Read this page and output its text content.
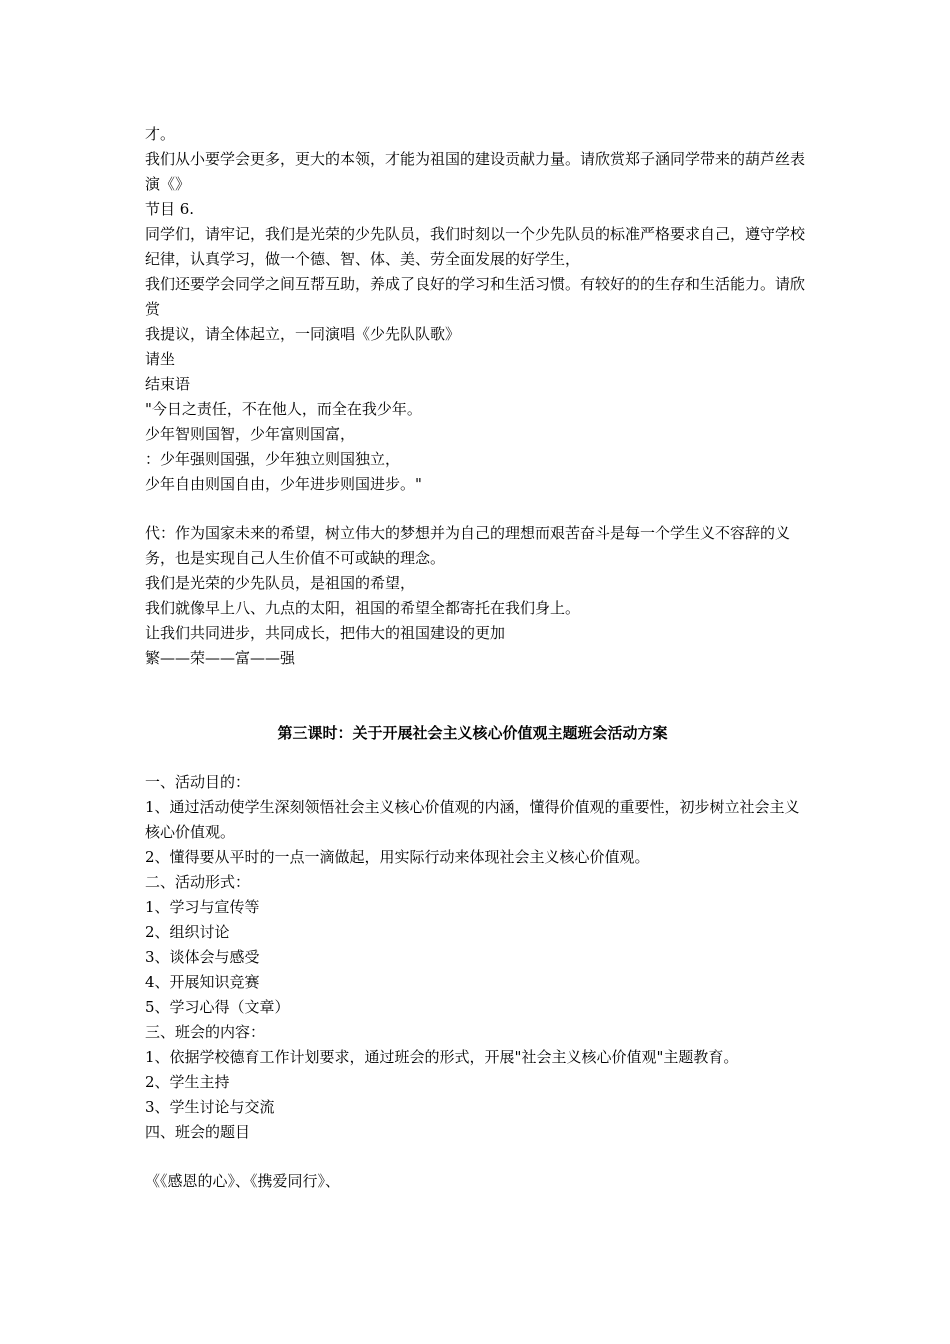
才。
我们从小要学会更多，更大的本领，才能为祖国的建设贡献力量。请欣赏郑子涵同学带来的葫芦丝表演《》
节目 6.
同学们，请牢记，我们是光荣的少先队员，我们时刻以一个少先队员的标准严格要求自己，遵守学校纪律，认真学习，做一个德、智、体、美、劳全面发展的好学生，
我们还要学会同学之间互帮互助，养成了良好的学习和生活习惯。有较好的的生存和生活能力。请欣赏
我提议，请全体起立，一同演唱《少先队队歌》
请坐
结束语
"今日之责任，不在他人，而全在我少年。
少年智则国智，少年富则国富，
：少年强则国强，少年独立则国独立，
少年自由则国自由，少年进步则国进步。"
代：作为国家未来的希望，树立伟大的梦想并为自己的理想而艰苦奋斗是每一个学生义不容辞的义务，也是实现自己人生价值不可或缺的理念。
我们是光荣的少先队员，是祖国的希望，
我们就像早上八、九点的太阳，祖国的希望全都寄托在我们身上。
让我们共同进步，共同成长，把伟大的祖国建设的更加
繁——荣——富——强
第三课时：关于开展社会主义核心价值观主题班会活动方案
一、活动目的：
1、通过活动使学生深刻领悟社会主义核心价值观的内涵，懂得价值观的重要性，初步树立社会主义核心价值观。
2、懂得要从平时的一点一滴做起，用实际行动来体现社会主义核心价值观。
二、活动形式：
1、学习与宣传等
2、组织讨论
3、谈体会与感受
4、开展知识竞赛
5、学习心得（文章）
三、班会的内容：
1、依据学校德育工作计划要求，通过班会的形式，开展"社会主义核心价值观"主题教育。
2、学生主持
3、学生讨论与交流
四、班会的题目
《《感恩的心》、《携爱同行》、
